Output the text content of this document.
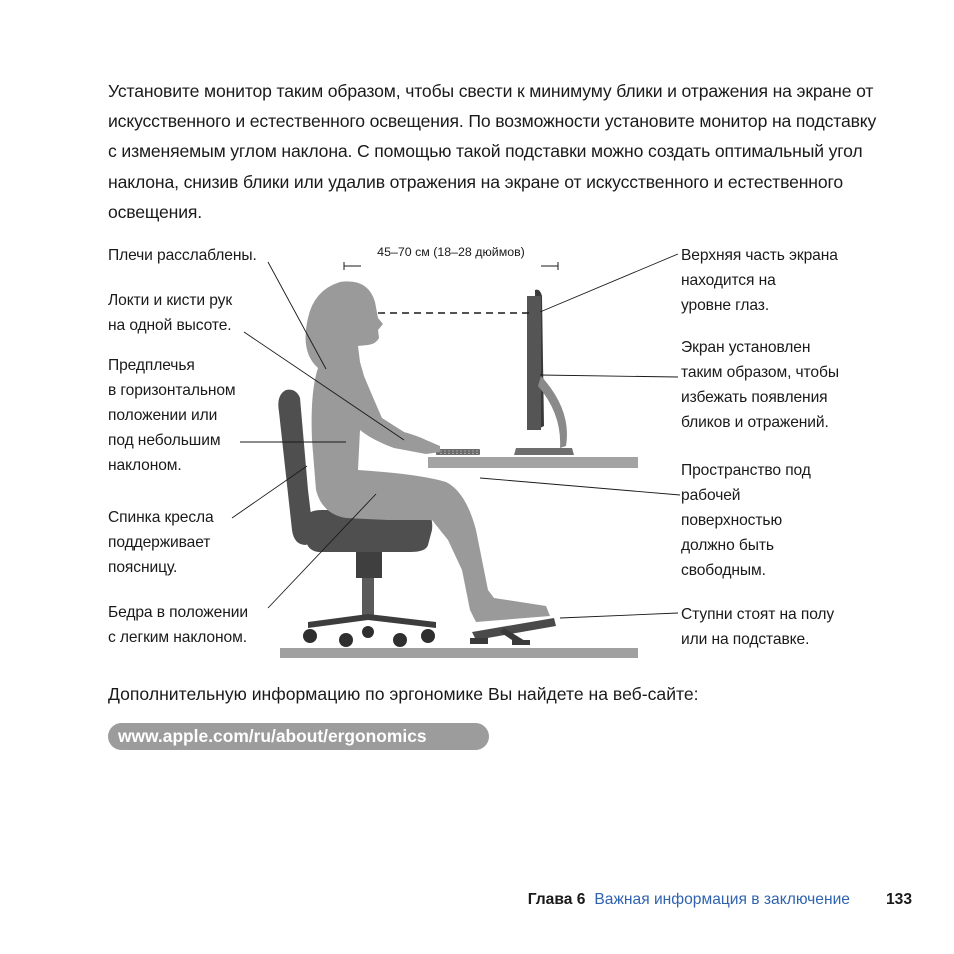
Установите монитор таким образом, чтобы свести к минимуму блики и отражения на экране от искусственного и естественного освещения. По возможности установите монитор на подставку с изменяемым углом наклона. С помощью такой подставки можно создать оптимальный угол наклона, снизив блики или удалив отражения на экране от искусственного и естественного освещения.

45–70 см (18–28 дюймов)
Плечи расслаблены.
Локти и кисти рук
на одной высоте.
Предплечья
в горизонтальном
положении или
под небольшим
наклоном.
Спинка кресла
поддерживает
поясницу.
Бедра в положении
с легким наклоном.
Верхняя часть экрана
находится на
уровне глаз.
Экран установлен
таким образом, чтобы
избежать появления
бликов и отражений.
Пространство под
рабочей
поверхностью
должно быть
свободным.
Ступни стоят на полу
или на подставке.

Дополнительную информацию по эргономике Вы найдете на веб-сайте:

www.apple.com/ru/about/ergonomics
Глава 6 Важная информация в заключение 133
